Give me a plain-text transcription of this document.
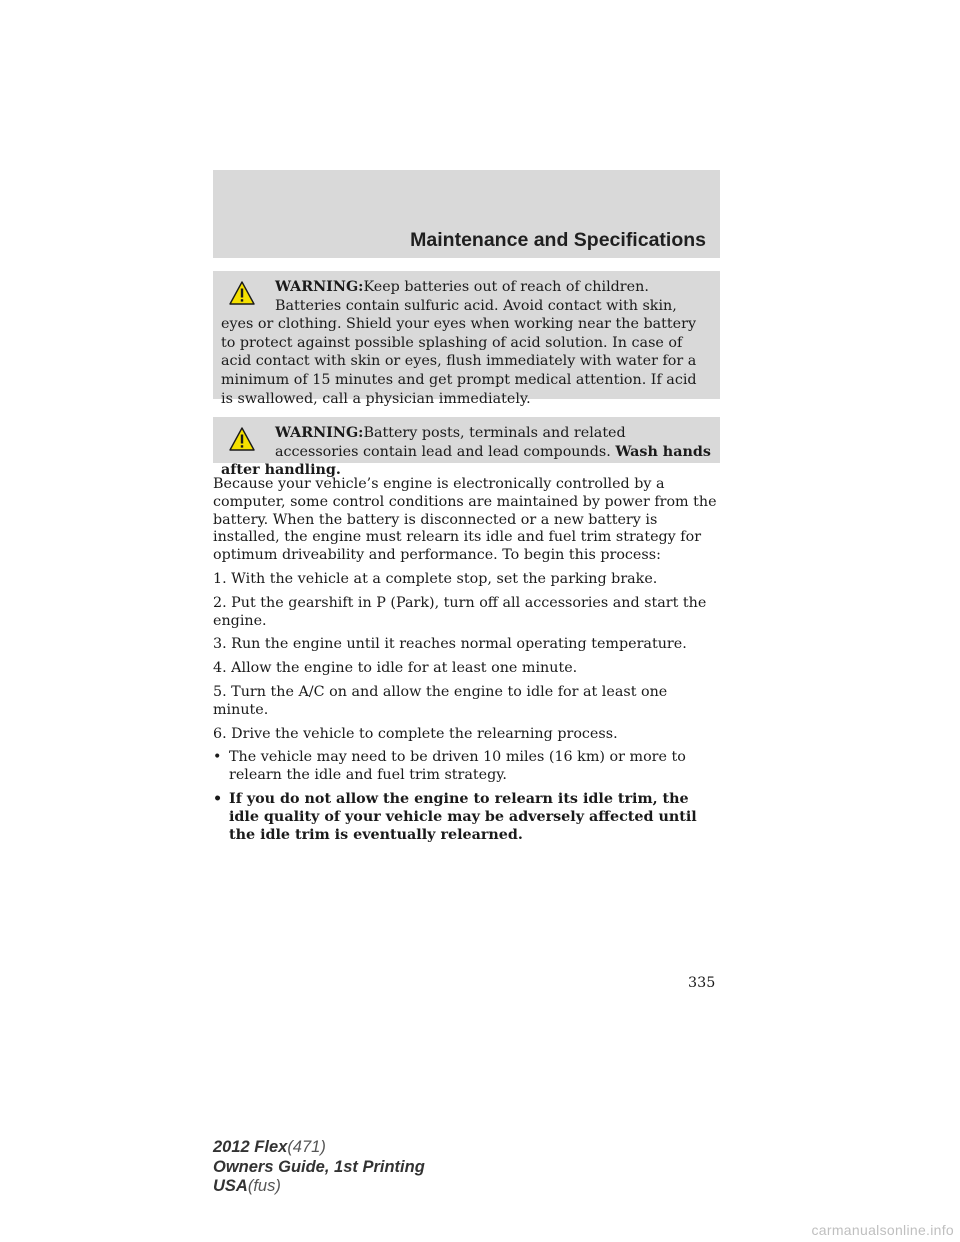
Maintenance and Specifications
WARNING:Keep batteries out of reach of children. Batteries contain sulfuric acid. Avoid contact with skin, eyes or clothing. Shield your eyes when working near the battery to protect against possible splashing of acid solution. In case of acid contact with skin or eyes, flush immediately with water for a minimum of 15 minutes and get prompt medical attention. If acid is swallowed, call a physician immediately.
WARNING:Battery posts, terminals and related accessories contain lead and lead compounds. Wash hands after handling.

Because your vehicle’s engine is electronically controlled by a computer, some control conditions are maintained by power from the battery. When the battery is disconnected or a new battery is installed, the engine must relearn its idle and fuel trim strategy for optimum driveability and performance. To begin this process:

1. With the vehicle at a complete stop, set the parking brake.

2. Put the gearshift in P (Park), turn off all accessories and start the engine.

3. Run the engine until it reaches normal operating temperature.

4. Allow the engine to idle for at least one minute.

5. Turn the A/C on and allow the engine to idle for at least one minute.

6. Drive the vehicle to complete the relearning process.

• The vehicle may need to be driven 10 miles (16 km) or more to relearn the idle and fuel trim strategy.
• If you do not allow the engine to relearn its idle trim, the idle quality of your vehicle may be adversely affected until the idle trim is eventually relearned.
335
2012 Flex(471)
Owners Guide, 1st Printing
USA(fus)
carmanualsonline.info
